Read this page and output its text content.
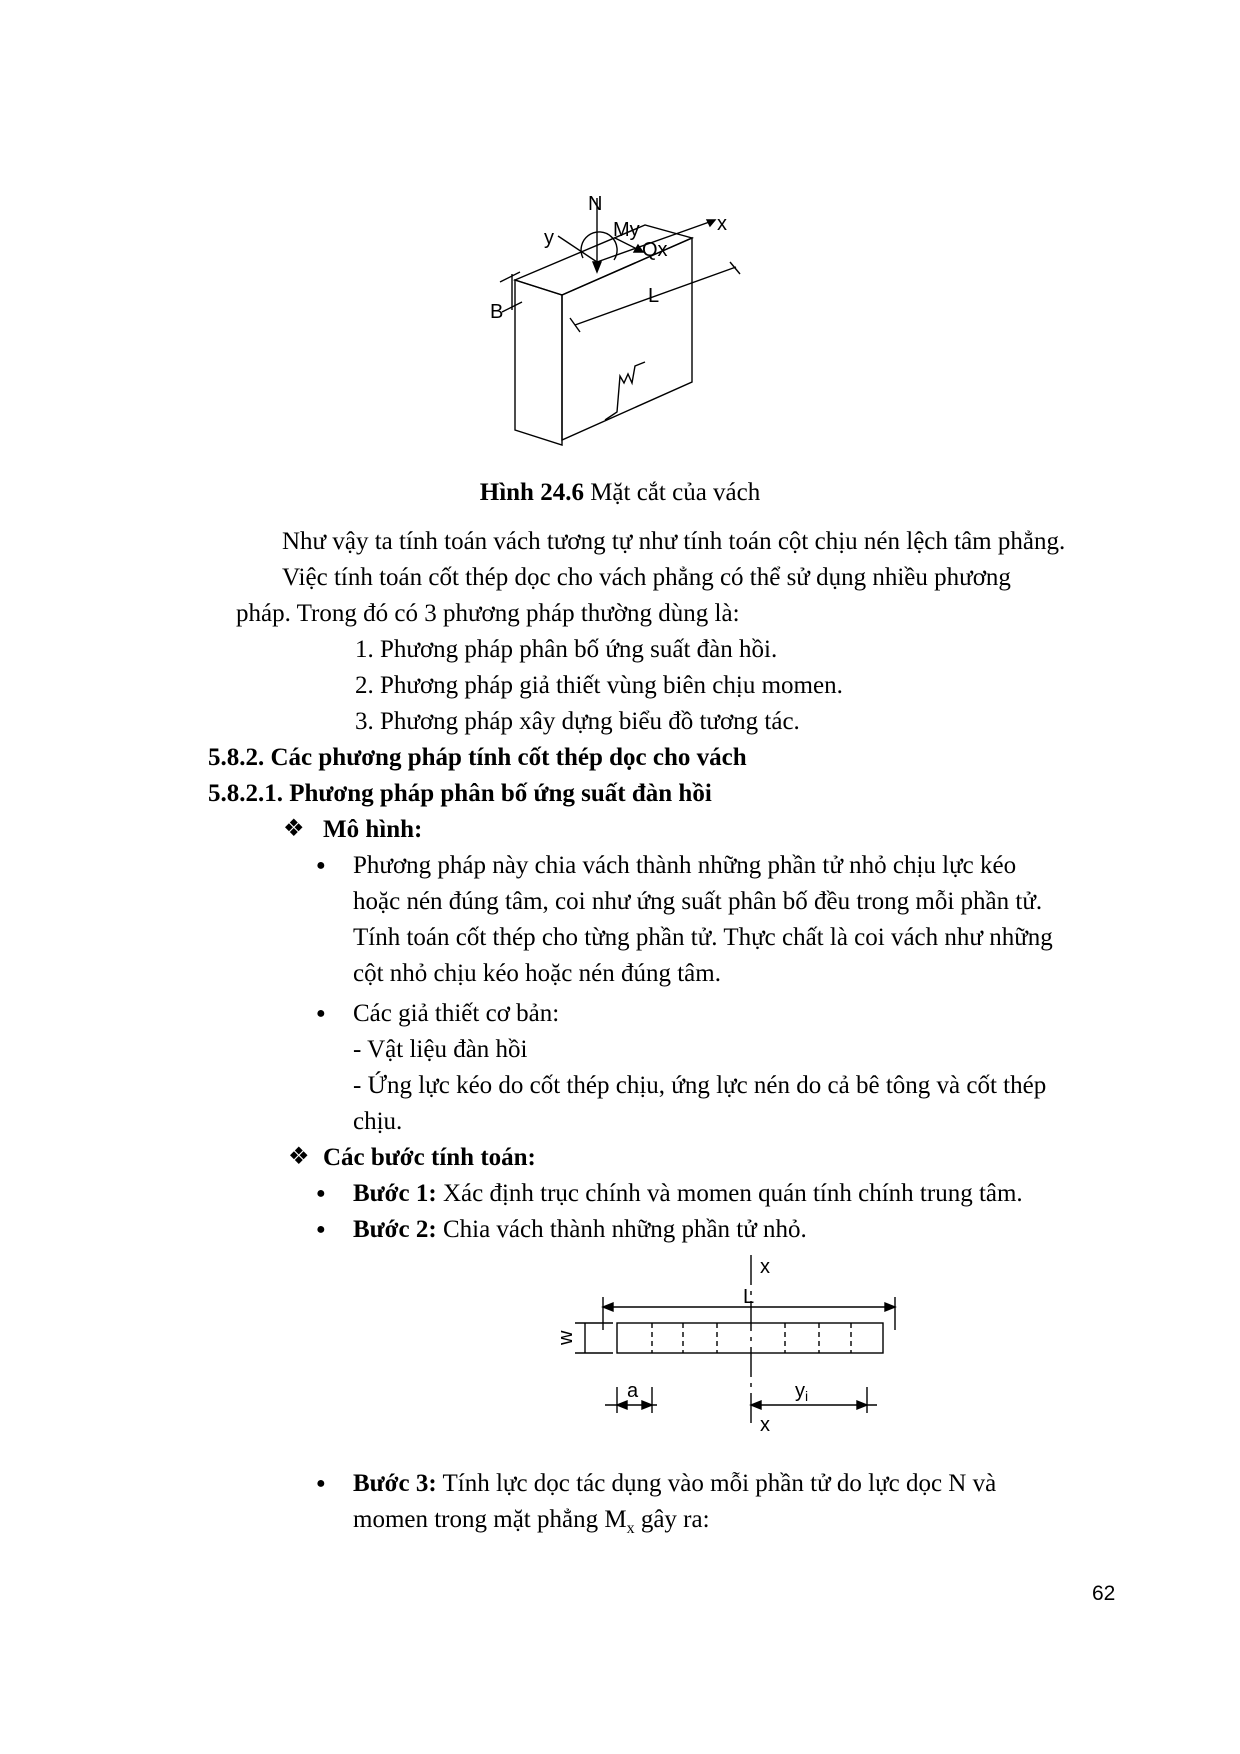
N
My
Qx
x
y
B
L

Hình 24.6 Mặt cắt của vách

Như vậy ta tính toán vách tương tự như tính toán cột chịu nén lệch tâm phẳng.

Việc tính toán cốt thép dọc cho vách phẳng có thể sử dụng nhiều phương

pháp. Trong đó có 3 phương pháp thường dùng là:

1. Phương pháp phân bố ứng suất đàn hồi.

2. Phương pháp giả thiết vùng biên chịu momen.

3. Phương pháp xây dựng biểu đồ tương tác.

5.8.2. Các phương pháp tính cốt thép dọc cho vách

5.8.2.1. Phương pháp phân bố ứng suất đàn hồi

❖ Mô hình:

● Phương pháp này chia vách thành những phần tử nhỏ chịu lực kéo

hoặc nén đúng tâm, coi như ứng suất phân bố đều trong mỗi phần tử.

Tính toán cốt thép cho từng phần tử. Thực chất là coi vách như những

cột nhỏ chịu kéo hoặc nén đúng tâm.

● Các giả thiết cơ bản:

- Vật liệu đàn hồi

- Ứng lực kéo do cốt thép chịu, ứng lực nén do cả bê tông và cốt thép

chịu.

❖ Các bước tính toán:

● Bước 1: Xác định trục chính và momen quán tính chính trung tâm.

● Bước 2: Chia vách thành những phần tử nhỏ.

x
L
w
a	$y_i$
x
● Bước 3: Tính lực dọc tác dụng vào mỗi phần tử do lực dọc N và

momen trong mặt phẳng $M_x$ gây ra:

62
